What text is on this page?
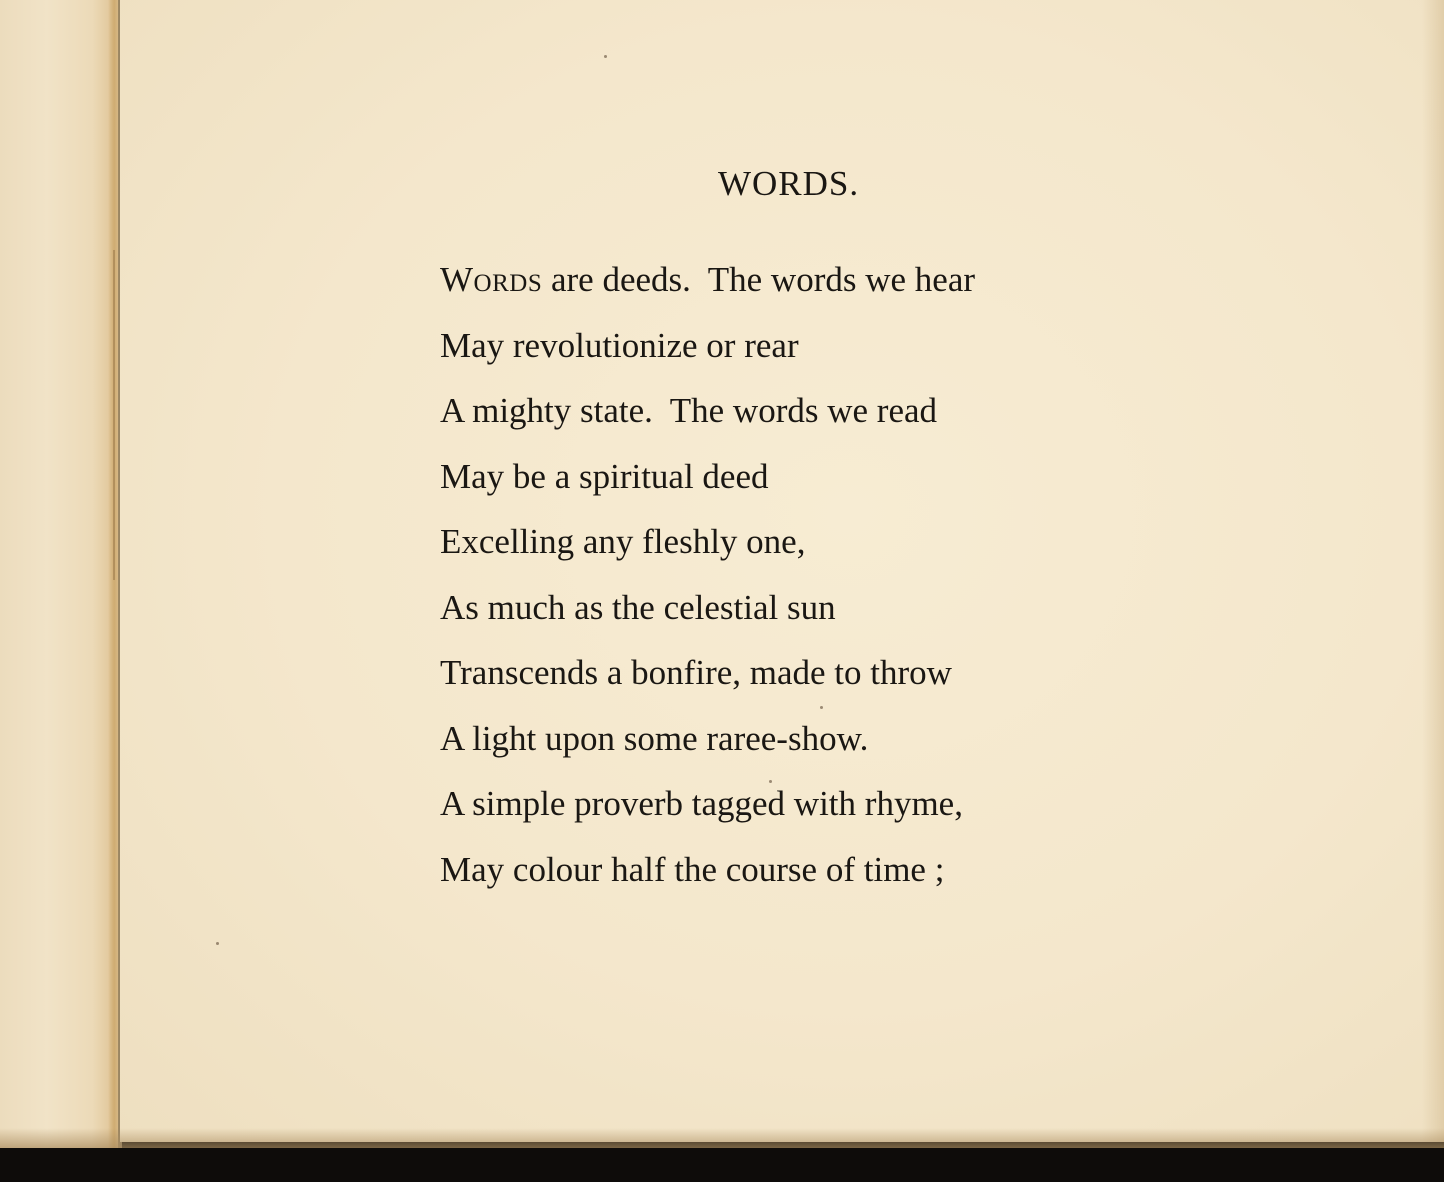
WORDS.
Words are deeds.  The words we hear
May revolutionize or rear
A mighty state.  The words we read
May be a spiritual deed
Excelling any fleshly one,
As much as the celestial sun
Transcends a bonfire, made to throw
A light upon some raree-show.
A simple proverb tagged with rhyme,
May colour half the course of time ;
